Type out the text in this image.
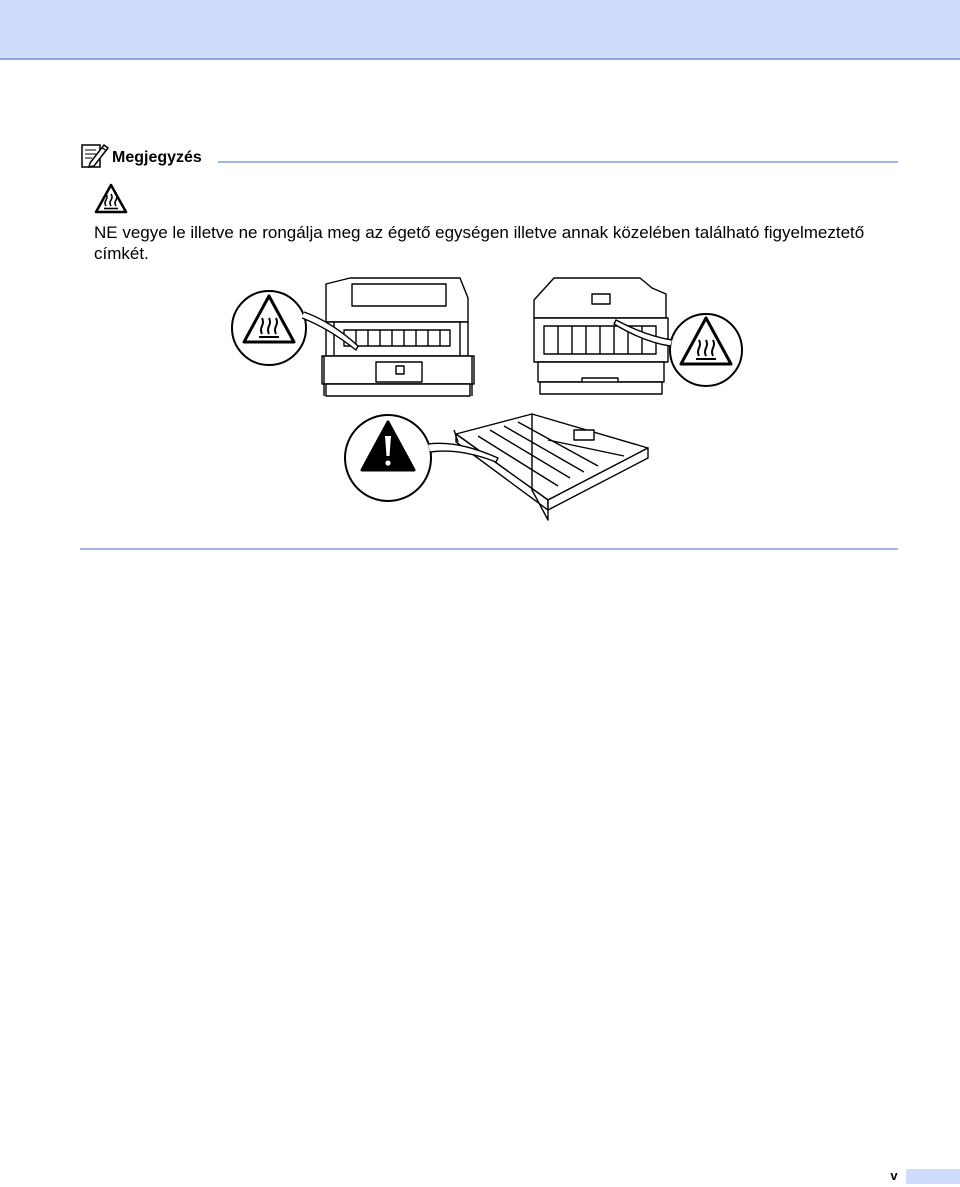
Megjegyzés
NE vegye le illetve ne rongálja meg az égető egységen illetve annak közelében található figyelmeztető címkét.
v
